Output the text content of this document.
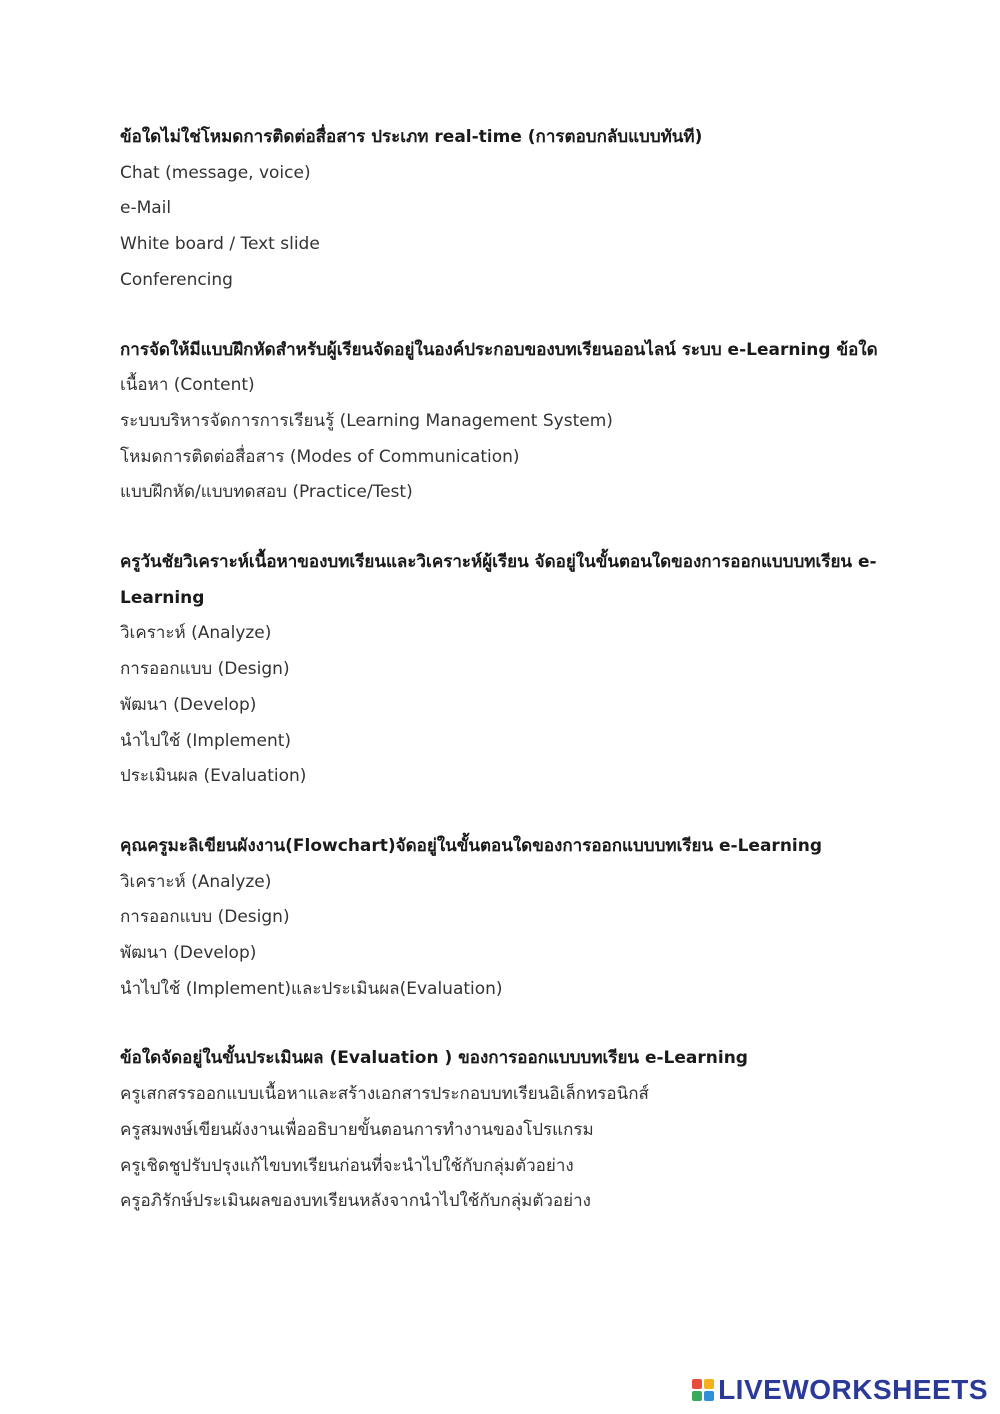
ข้อใดไม่ใช่โหมดการติดต่อสื่อสาร ประเภท real-time (การตอบกลับแบบทันที)

Chat (message, voice)
e-Mail
White board / Text slide
Conferencing

การจัดให้มีแบบฝึกหัดสำหรับผู้เรียนจัดอยู่ในองค์ประกอบของบทเรียนออนไลน์ ระบบ e-Learning ข้อใด

เนื้อหา (Content)
ระบบบริหารจัดการการเรียนรู้ (Learning Management System)
โหมดการติดต่อสื่อสาร (Modes of Communication)
แบบฝึกหัด/แบบทดสอบ (Practice/Test)

ครูวันชัยวิเคราะห์เนื้อหาของบทเรียนและวิเคราะห์ผู้เรียน จัดอยู่ในขั้นตอนใดของการออกแบบบทเรียน e-Learning

วิเคราะห์ (Analyze)
การออกแบบ (Design)
พัฒนา (Develop)
นำไปใช้ (Implement)
ประเมินผล (Evaluation)

คุณครูมะลิเขียนผังงาน(Flowchart)จัดอยู่ในขั้นตอนใดของการออกแบบบทเรียน e-Learning

วิเคราะห์ (Analyze)
การออกแบบ (Design)
พัฒนา (Develop)
นำไปใช้ (Implement)และประเมินผล(Evaluation)

ข้อใดจัดอยู่ในขั้นประเมินผล (Evaluation ) ของการออกแบบบทเรียน e-Learning

ครูเสกสรรออกแบบเนื้อหาและสร้างเอกสารประกอบบทเรียนอิเล็กทรอนิกส์
ครูสมพงษ์เขียนผังงานเพื่ออธิบายขั้นตอนการทำงานของโปรแกรม
ครูเชิดชูปรับปรุงแก้ไขบทเรียนก่อนที่จะนำไปใช้กับกลุ่มตัวอย่าง
ครูอภิรักษ์ประเมินผลของบทเรียนหลังจากนำไปใช้กับกลุ่มตัวอย่าง
LIVEWORKSHEETS
